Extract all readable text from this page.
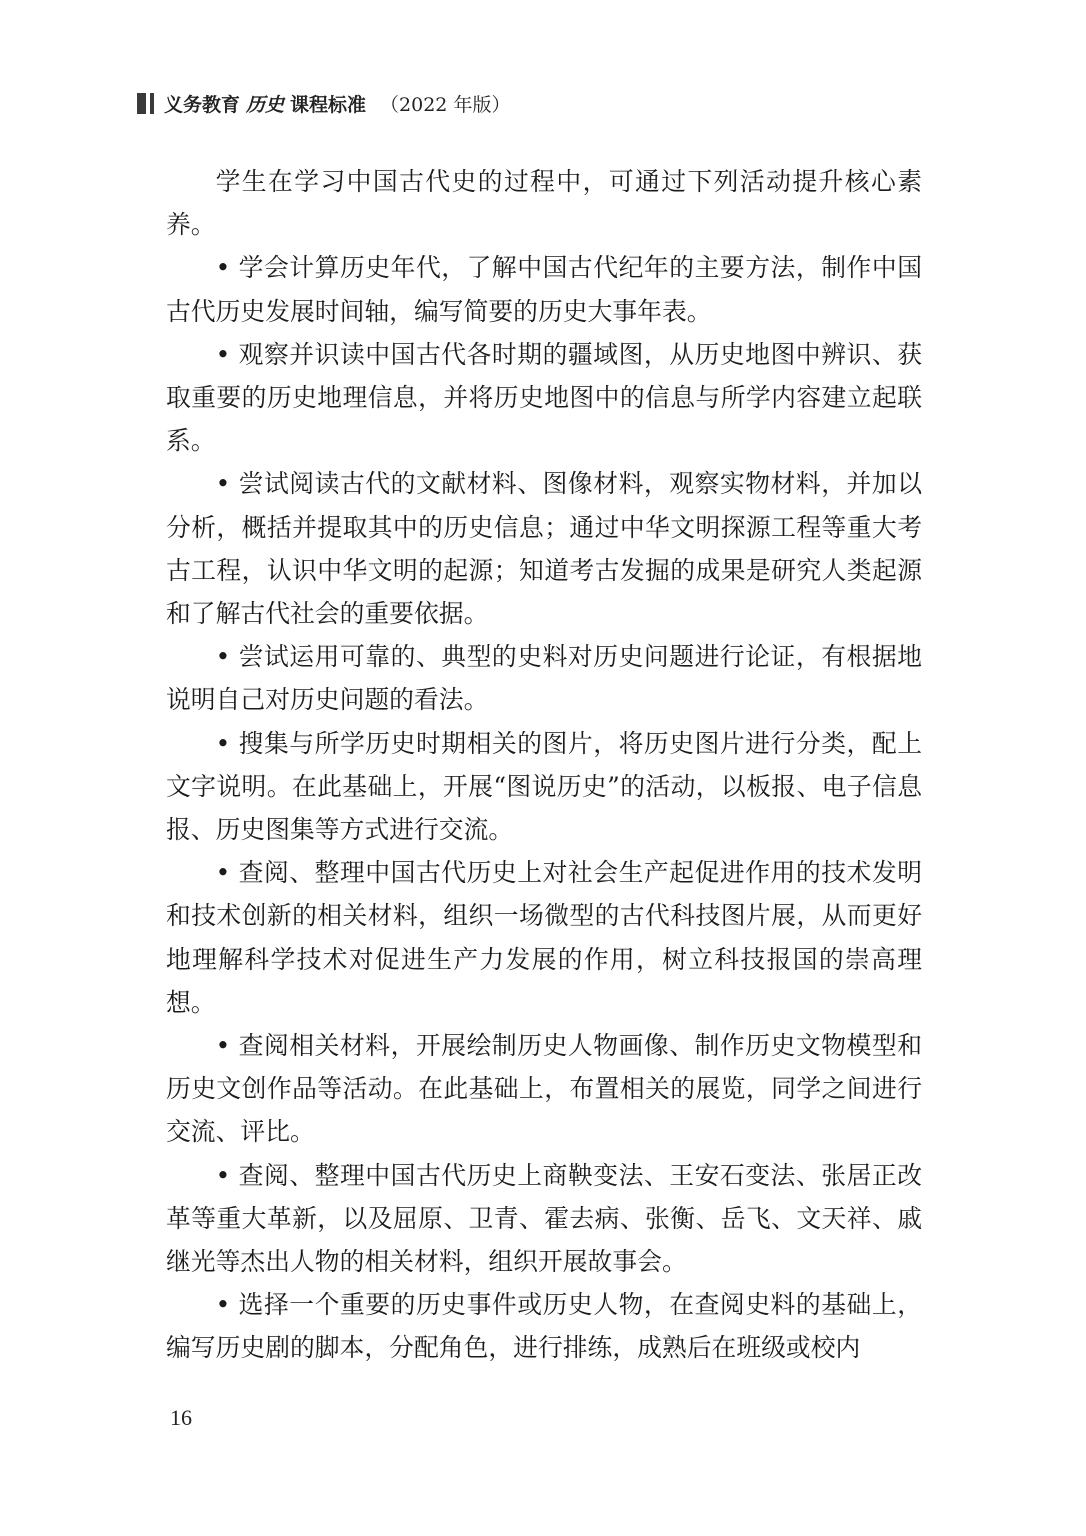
义务教育 历史 课程标准 （2022 年版）

学生在学习中国古代史的过程中，可通过下列活动提升核心素养。

• 学会计算历史年代，了解中国古代纪年的主要方法，制作中国古代历史发展时间轴，编写简要的历史大事年表。

• 观察并识读中国古代各时期的疆域图，从历史地图中辨识、获取重要的历史地理信息，并将历史地图中的信息与所学内容建立起联系。

• 尝试阅读古代的文献材料、图像材料，观察实物材料，并加以分析，概括并提取其中的历史信息；通过中华文明探源工程等重大考古工程，认识中华文明的起源；知道考古发掘的成果是研究人类起源和了解古代社会的重要依据。

• 尝试运用可靠的、典型的史料对历史问题进行论证，有根据地说明自己对历史问题的看法。

• 搜集与所学历史时期相关的图片，将历史图片进行分类，配上文字说明。在此基础上，开展“图说历史”的活动，以板报、电子信息报、历史图集等方式进行交流。

• 查阅、整理中国古代历史上对社会生产起促进作用的技术发明和技术创新的相关材料，组织一场微型的古代科技图片展，从而更好地理解科学技术对促进生产力发展的作用，树立科技报国的崇高理想。

• 查阅相关材料，开展绘制历史人物画像、制作历史文物模型和历史文创作品等活动。在此基础上，布置相关的展览，同学之间进行交流、评比。

• 查阅、整理中国古代历史上商鞅变法、王安石变法、张居正改革等重大革新，以及屈原、卫青、霍去病、张衡、岳飞、文天祥、戚继光等杰出人物的相关材料，组织开展故事会。

• 选择一个重要的历史事件或历史人物，在查阅史料的基础上，编写历史剧的脚本，分配角色，进行排练，成熟后在班级或校内

16
